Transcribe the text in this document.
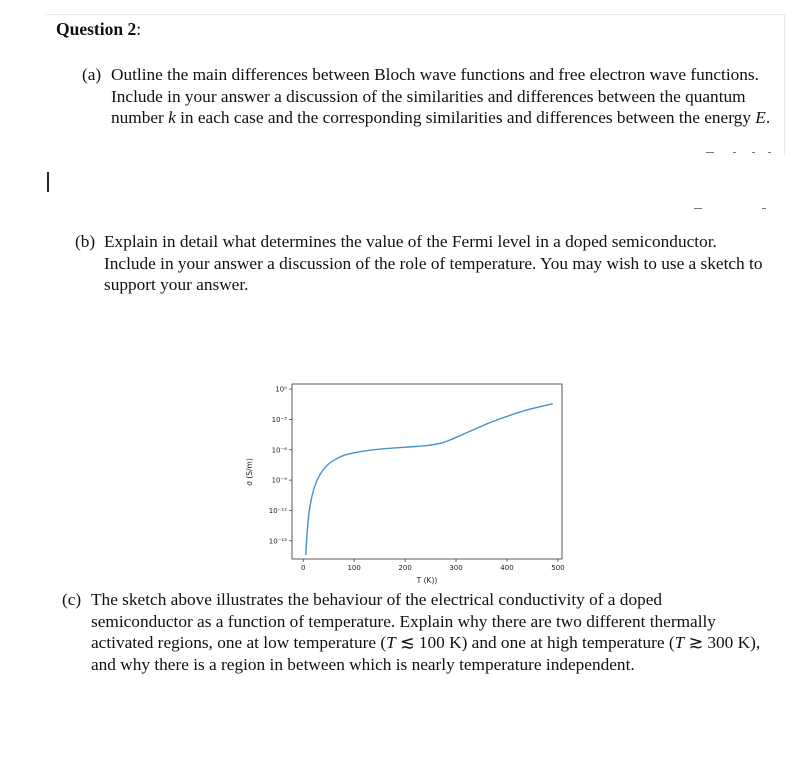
Question 2:
(a) Outline the main differences between Bloch wave functions and free electron wave functions. Include in your answer a discussion of the similarities and differences between the quantum number k in each case and the corresponding similarities and differences between the energy E.
(b) Explain in detail what determines the value of the Fermi level in a doped semiconductor. Include in your answer a discussion of the role of temperature. You may wish to use a sketch to support your answer.
10⁰
10⁻³
10⁻⁶
10⁻⁹
10⁻¹²
10⁻¹⁵
0	100	200	300	400	500
σ (S/m)
T (K))
(c) The sketch above illustrates the behaviour of the electrical conductivity of a doped semiconductor as a function of temperature. Explain why there are two different thermally activated regions, one at low temperature (T ≲ 100 K) and one at high temperature (T ≳ 300 K), and why there is a region in between which is nearly temperature independent.
